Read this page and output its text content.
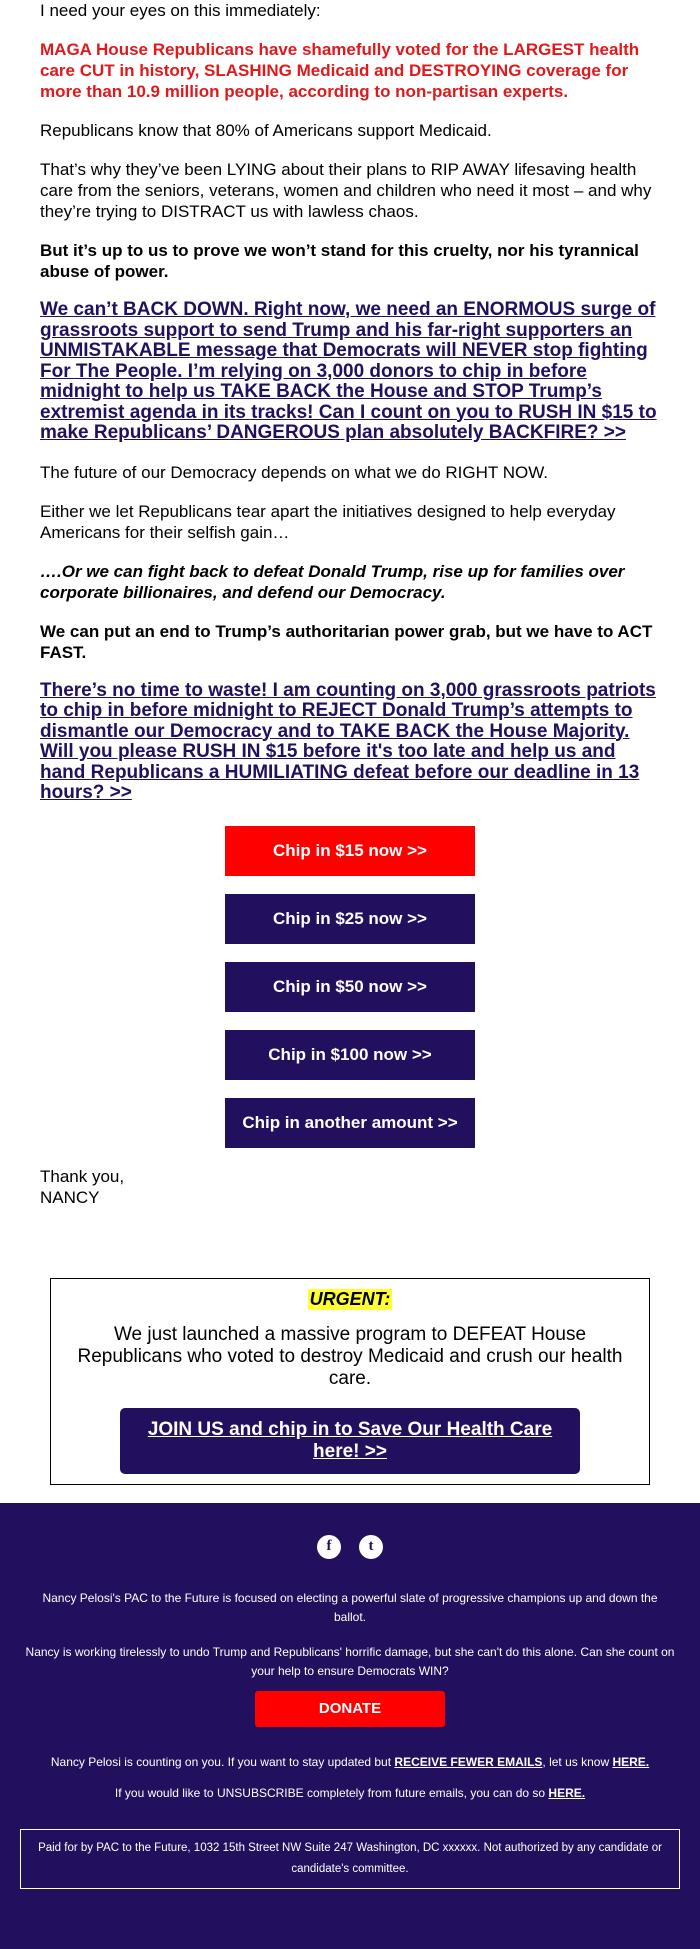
I need your eyes on this immediately:

MAGA House Republicans have shamefully voted for the LARGEST health care CUT in history, SLASHING Medicaid and DESTROYING coverage for more than 10.9 million people, according to non-partisan experts.

Republicans know that 80% of Americans support Medicaid.

That’s why they’ve been LYING about their plans to RIP AWAY lifesaving health care from the seniors, veterans, women and children who need it most – and why they’re trying to DISTRACT us with lawless chaos.

But it’s up to us to prove we won’t stand for this cruelty, nor his tyrannical abuse of power.

We can’t BACK DOWN. Right now, we need an ENORMOUS surge of grassroots support to send Trump and his far-right supporters an UNMISTAKABLE message that Democrats will NEVER stop fighting For The People. I’m relying on 3,000 donors to chip in before midnight to help us TAKE BACK the House and STOP Trump’s extremist agenda in its tracks! Can I count on you to RUSH IN $15 to make Republicans’ DANGEROUS plan absolutely BACKFIRE? >>

The future of our Democracy depends on what we do RIGHT NOW.

Either we let Republicans tear apart the initiatives designed to help everyday Americans for their selfish gain…

….Or we can fight back to defeat Donald Trump, rise up for families over corporate billionaires, and defend our Democracy.

We can put an end to Trump’s authoritarian power grab, but we have to ACT FAST.

There’s no time to waste! I am counting on 3,000 grassroots patriots to chip in before midnight to REJECT Donald Trump’s attempts to dismantle our Democracy and to TAKE BACK the House Majority. Will you please RUSH IN $15 before it's too late and help us and hand Republicans a HUMILIATING defeat before our deadline in 13 hours? >>
Chip in $15 now >>
Chip in $25 now >>
Chip in $50 now >>
Chip in $100 now >>
Chip in another amount >>

Thank you,

NANCY

URGENT:
We just launched a massive program to DEFEAT House Republicans who voted to destroy Medicaid and crush our health care.
JOIN US and chip in to Save Our Health Care here! >>
f	t

Nancy Pelosi's PAC to the Future is focused on electing a powerful slate of progressive champions up and down the ballot.

Nancy is working tirelessly to undo Trump and Republicans' horrific damage, but she can't do this alone. Can she count on your help to ensure Democrats WIN?

DONATE

Nancy Pelosi is counting on you. If you want to stay updated but RECEIVE FEWER EMAILS, let us know HERE.

If you would like to UNSUBSCRIBE completely from future emails, you can do so HERE.

Paid for by PAC to the Future, 1032 15th Street NW Suite 247 Washington, DC xxxxxx. Not authorized by any candidate or candidate's committee.
